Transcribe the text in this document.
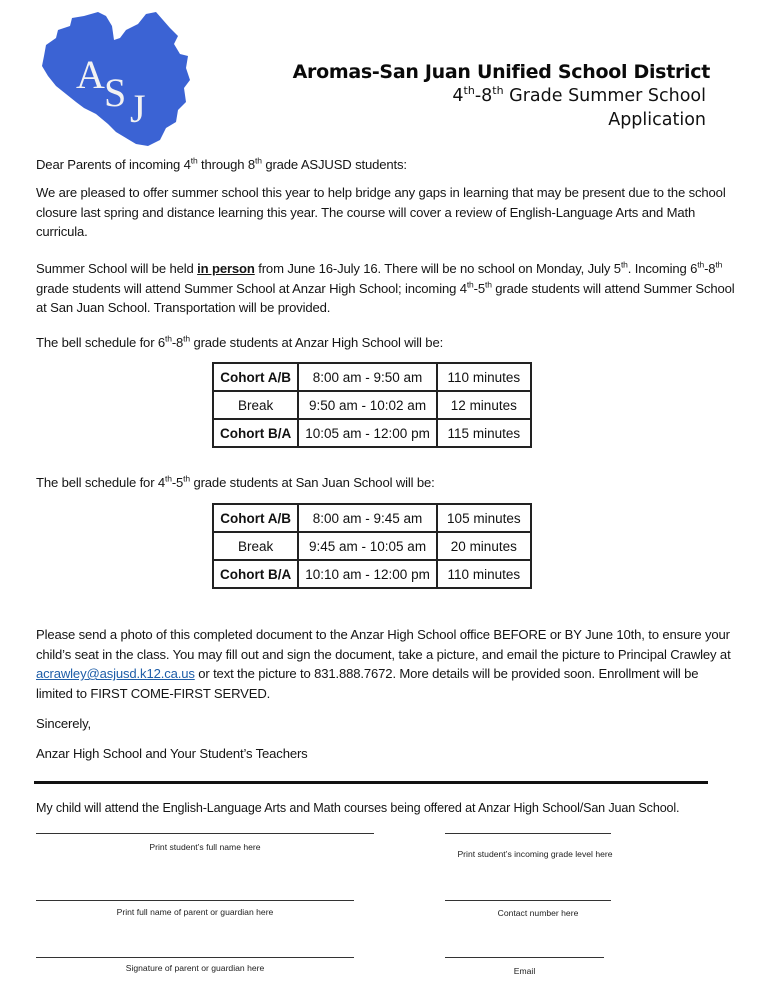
A S J
Aromas-San Juan Unified School District
4th-8th Grade Summer School
Application
Dear Parents of incoming 4th through 8th grade ASJUSD students:
We are pleased to offer summer school this year to help bridge any gaps in learning that may be present due to the school closure last spring and distance learning this year. The course will cover a review of English-Language Arts and Math curricula.
Summer School will be held in person from June 16-July 16. There will be no school on Monday, July 5th. Incoming 6th-8th grade students will attend Summer School at Anzar High School; incoming 4th-5th grade students will attend Summer School at San Juan School. Transportation will be provided.
The bell schedule for 6th-8th grade students at Anzar High School will be:
Cohort A/B	8:00 am - 9:50 am	110 minutes
Break	9:50 am - 10:02 am	12 minutes
Cohort B/A	10:05 am - 12:00 pm	115 minutes
The bell schedule for 4th-5th grade students at San Juan School will be:
Cohort A/B	8:00 am - 9:45 am	105 minutes
Break	9:45 am - 10:05 am	20 minutes
Cohort B/A	10:10 am - 12:00 pm	110 minutes
Please send a photo of this completed document to the Anzar High School office BEFORE or BY June 10th, to ensure your child’s seat in the class. You may fill out and sign the document, take a picture, and email the picture to Principal Crawley at acrawley@asjusd.k12.ca.us or text the picture to 831.888.7672. More details will be provided soon. Enrollment will be limited to FIRST COME-FIRST SERVED.
Sincerely,
Anzar High School and Your Student’s Teachers
My child will attend the English-Language Arts and Math courses being offered at Anzar High School/San Juan School.
Print student’s full name here
Print full name of parent or guardian here
Signature of parent or guardian here
Print student’s incoming grade level here
Contact number here
Email
